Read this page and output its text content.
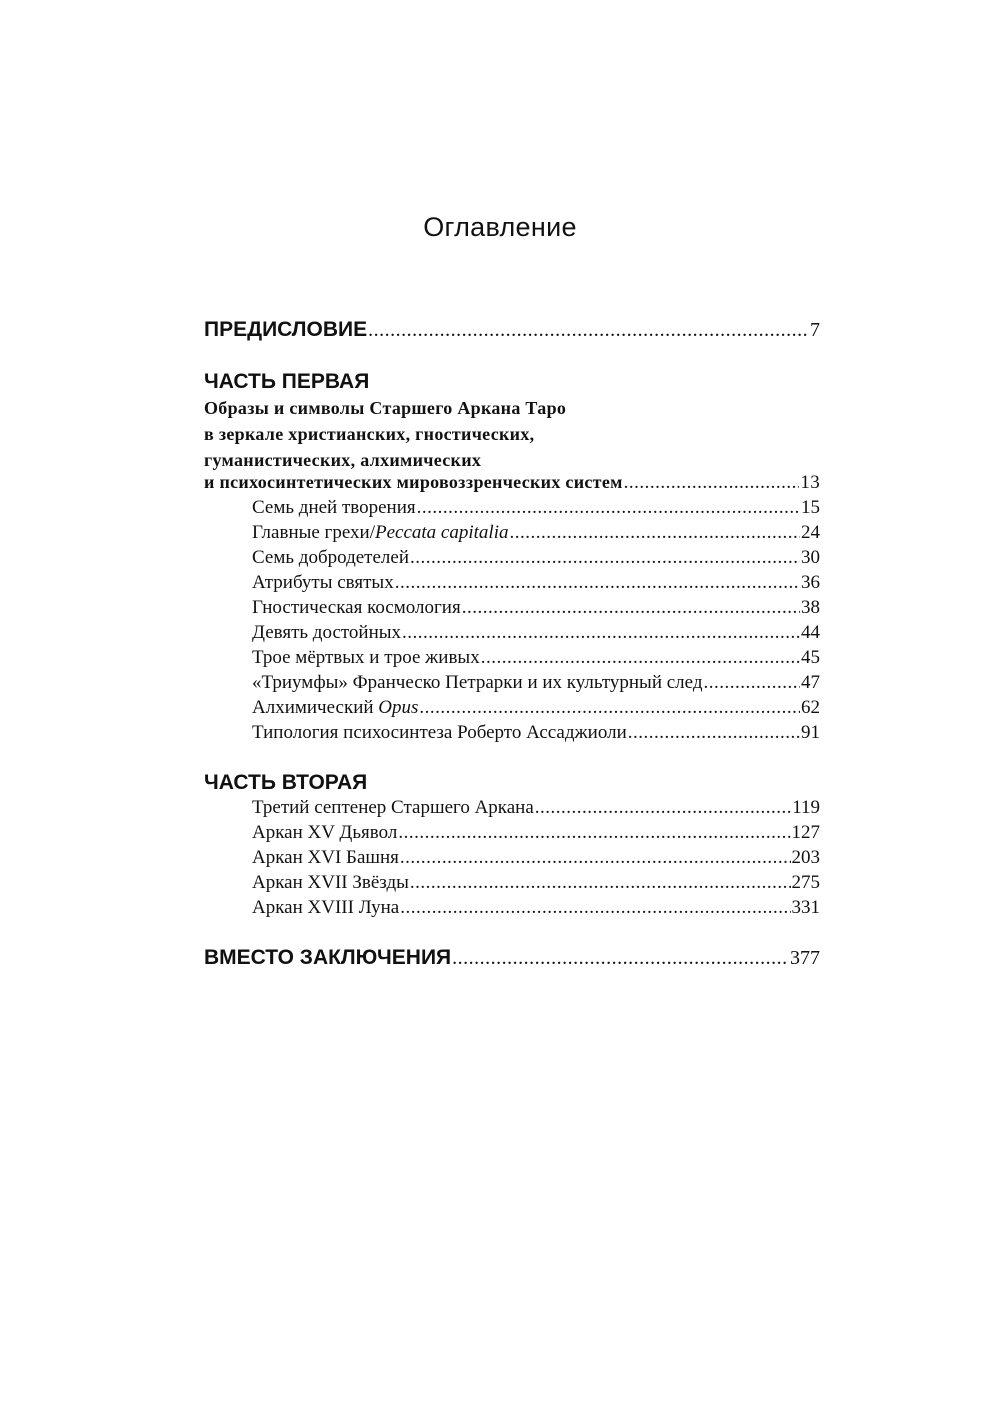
Оглавление
ПРЕДИСЛОВИЕ .....	7
ЧАСТЬ ПЕРВАЯ
Образы и символы Старшего Аркана Таро
в зеркале христианских, гностических,
гуманистических, алхимических
и психосинтетических мировоззренческих систем .....	13
Семь дней творения .....	15
Главные грехи/Peccata capitalia .....	24
Семь добродетелей .....	30
Атрибуты святых .....	36
Гностическая космология .....	38
Девять достойных .....	44
Трое мёртвых и трое живых .....	45
«Триумфы» Франческо Петрарки и их культурный след .....	47
Алхимический Opus .....	62
Типология психосинтеза Роберто Ассаджиоли .....	91
ЧАСТЬ ВТОРАЯ
Третий септенер Старшего Аркана .....	119
Аркан XV Дьявол .....	127
Аркан XVI Башня .....	203
Аркан XVII Звёзды .....	275
Аркан XVIII Луна .....	331
ВМЕСТО ЗАКЛЮЧЕНИЯ .....	377
